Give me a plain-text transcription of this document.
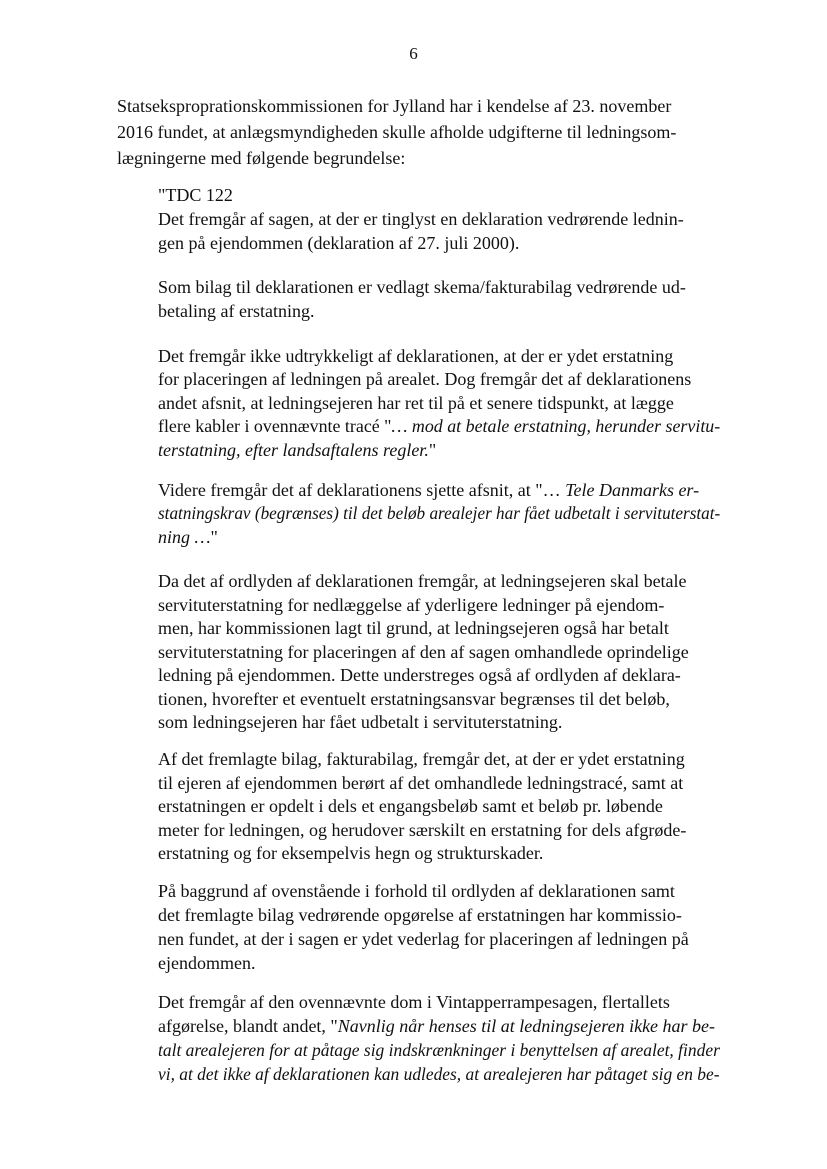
6
Statseksproprationskommissionen for Jylland har i kendelse af 23. november
2016 fundet, at anlægsmyndigheden skulle afholde udgifterne til ledningsom-
lægningerne med følgende begrundelse:
"TDC 122
Det fremgår af sagen, at der er tinglyst en deklaration vedrørende lednin-
gen på ejendommen (deklaration af 27. juli 2000).
Som bilag til deklarationen er vedlagt skema/fakturabilag vedrørende ud-
betaling af erstatning.
Det fremgår ikke udtrykkeligt af deklarationen, at der er ydet erstatning
for placeringen af ledningen på arealet. Dog fremgår det af deklarationens
andet afsnit, at ledningsejeren har ret til på et senere tidspunkt, at lægge
flere kabler i ovennævnte tracé "… mod at betale erstatning, herunder servitu-
terstatning, efter landsaftalens regler."
Videre fremgår det af deklarationens sjette afsnit, at "… Tele Danmarks er-
statningskrav (begrænses) til det beløb arealejer har fået udbetalt i servituterstat-
ning …"
Da det af ordlyden af deklarationen fremgår, at ledningsejeren skal betale
servituterstatning for nedlæggelse af yderligere ledninger på ejendom-
men, har kommissionen lagt til grund, at ledningsejeren også har betalt
servituterstatning for placeringen af den af sagen omhandlede oprindelige
ledning på ejendommen. Dette understreges også af ordlyden af deklara-
tionen, hvorefter et eventuelt erstatningsansvar begrænses til det beløb,
som ledningsejeren har fået udbetalt i servituterstatning.
Af det fremlagte bilag, fakturabilag, fremgår det, at der er ydet erstatning
til ejeren af ejendommen berørt af det omhandlede ledningstracé, samt at
erstatningen er opdelt i dels et engangsbeløb samt et beløb pr. løbende
meter for ledningen, og herudover særskilt en erstatning for dels afgrøde-
erstatning og for eksempelvis hegn og strukturskader.
På baggrund af ovenstående i forhold til ordlyden af deklarationen samt
det fremlagte bilag vedrørende opgørelse af erstatningen har kommissio-
nen fundet, at der i sagen er ydet vederlag for placeringen af ledningen på
ejendommen.
Det fremgår af den ovennævnte dom i Vintapperrampesagen, flertallets
afgørelse, blandt andet, "Navnlig når henses til at ledningsejeren ikke har be-
talt arealejeren for at påtage sig indskrænkninger i benyttelsen af arealet, finder
vi, at det ikke af deklarationen kan udledes, at arealejeren har påtaget sig en be-
